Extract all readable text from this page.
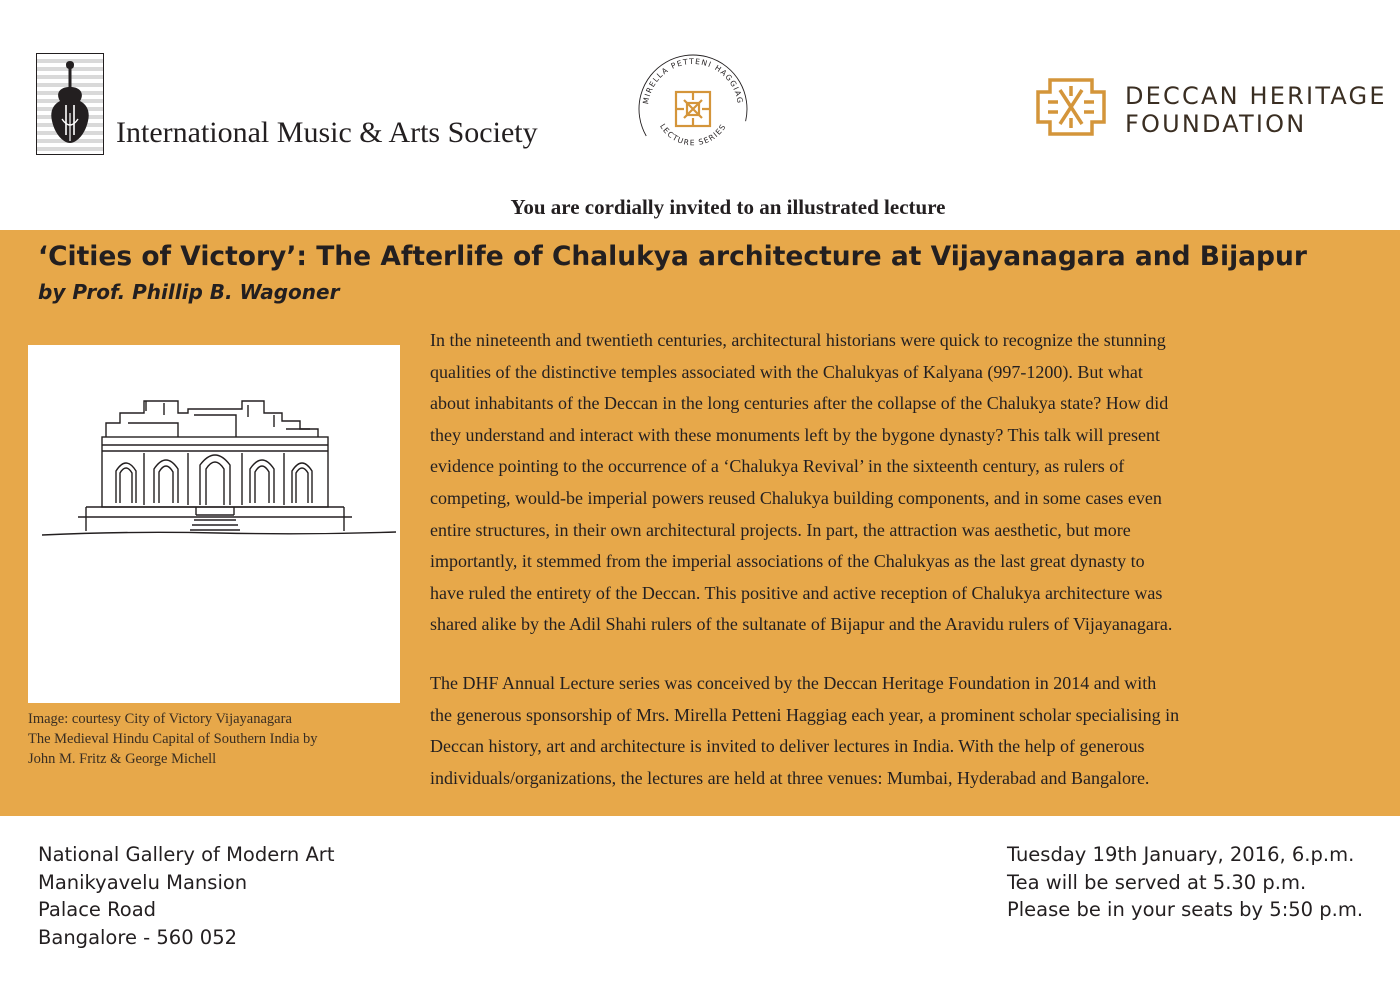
International Music & Arts Society
MIRELLA PETTENI HAGGIAG
LECTURE SERIES
DECCAN HERITAGE
FOUNDATION
You are cordially invited to an illustrated lecture
‘Cities of Victory’: The Afterlife of Chalukya architecture at Vijayanagara and Bijapur
by Prof. Phillip B. Wagoner
Image: courtesy City of Victory Vijayanagara
The Medieval Hindu Capital of Southern India by
John M. Fritz & George Michell
In the nineteenth and twentieth centuries, architectural historians were quick to recognize the stunning
qualities of the distinctive temples associated with the Chalukyas of Kalyana (997-1200). But what
about inhabitants of the Deccan in the long centuries after the collapse of the Chalukya state? How did
they understand and interact with these monuments left by the bygone dynasty? This talk will present
evidence pointing to the occurrence of a ‘Chalukya Revival’ in the sixteenth century, as rulers of
competing, would-be imperial powers reused Chalukya building components, and in some cases even
entire structures, in their own architectural projects. In part, the attraction was aesthetic, but more
importantly, it stemmed from the imperial associations of the Chalukyas as the last great dynasty to
have ruled the entirety of the Deccan. This positive and active reception of Chalukya architecture was
shared alike by the Adil Shahi rulers of the sultanate of Bijapur and the Aravidu rulers of Vijayanagara.
The DHF Annual Lecture series was conceived by the Deccan Heritage Foundation in 2014 and with
the generous sponsorship of Mrs. Mirella Petteni Haggiag each year, a prominent scholar specialising in
Deccan history, art and architecture is invited to deliver lectures in India. With the help of generous
individuals/organizations, the lectures are held at three venues: Mumbai, Hyderabad and Bangalore.
National Gallery of Modern Art
Manikyavelu Mansion
Palace Road
Bangalore - 560 052
Tuesday 19th January, 2016, 6.p.m.
Tea will be served at 5.30 p.m.
Please be in your seats by 5:50 p.m.
